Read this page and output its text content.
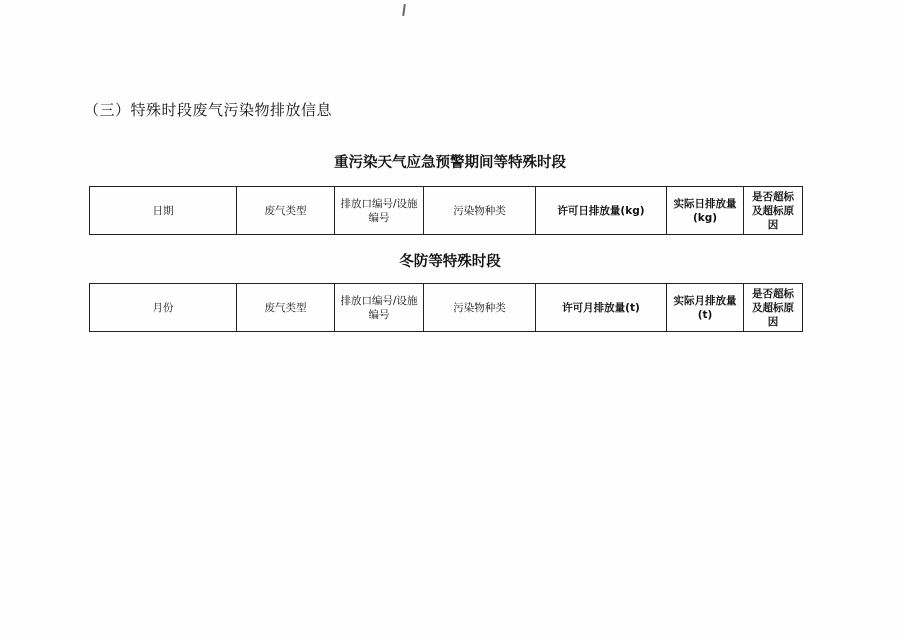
（三）特殊时段废气污染物排放信息
重污染天气应急预警期间等特殊时段
日期	废气类型	排放口编号/设施编号	污染物种类	许可日排放量(kg)	实际日排放量(kg)	是否超标及超标原因
冬防等特殊时段
月份	废气类型	排放口编号/设施编号	污染物种类	许可月排放量(t)	实际月排放量(t)	是否超标及超标原因
